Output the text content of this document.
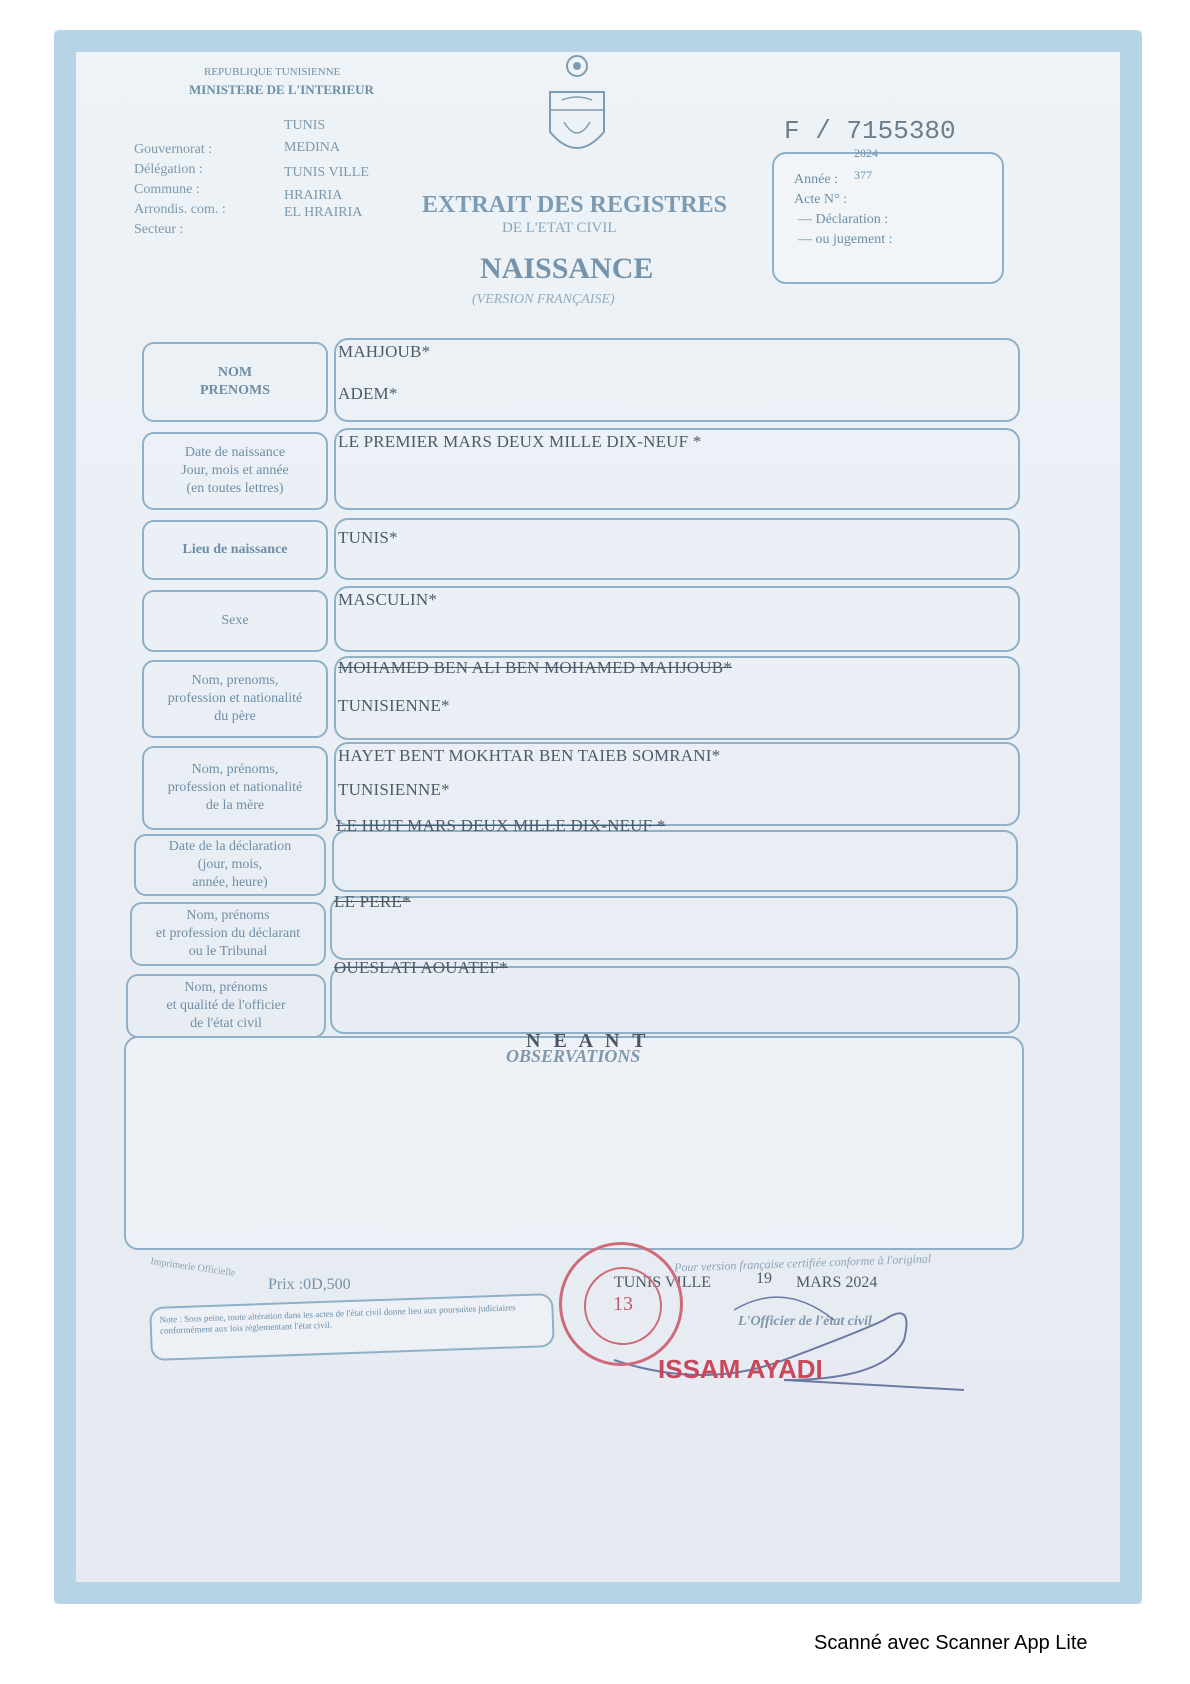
REPUBLIQUE TUNISIENNE
MINISTERE DE L'INTERIEUR
Gouvernorat :
Délégation :
Commune :
Arrondis. com. :
Secteur :
TUNIS
MEDINA
TUNIS VILLE
HRAIRIA
EL HRAIRIA EXTRAIT DES REGISTRES
DE L'ETAT CIVIL
NAISSANCE
(VERSION FRANÇAISE)
F / 7155380
Année :
2024
Acte N° :
377
— Déclaration :
— ou jugement :
NOM
PRENOMS
MAHJOUB*
ADEM*
Date de naissance
Jour, mois et année
(en toutes lettres)
LE PREMIER MARS DEUX MILLE DIX-NEUF *
Lieu de naissance
TUNIS*
Sexe
MASCULIN*
Nom, prenoms,
profession et nationalité
du père
MOHAMED BEN ALI BEN MOHAMED MAHJOUB*
TUNISIENNE*
Nom, prénoms,
profession et nationalité
de la mère
HAYET BENT MOKHTAR BEN TAIEB SOMRANI*
TUNISIENNE*
Date de la déclaration
(jour, mois,
année, heure)
LE HUIT MARS DEUX MILLE DIX-NEUF *
Nom, prénoms
et profession du déclarant
ou le Tribunal
LE PERE*
Nom, prénoms
et qualité de l'officier
de l'état civil
OUESLATI AOUATEF*
OBSERVATIONS
N E A N T
Imprimerie Officielle
Prix :0D,500
Note : Sous peine, toute altération dans les actes de l'état civil donne lieu aux poursuites judiciaires conformément aux lois réglementant l'état civil.
Pour version française certifiée conforme à l'original
TUNIS VILLE	19 MARS 2024
L'Officier de l'état civil
13
ISSAM AYADI
Scanné avec Scanner App Lite
